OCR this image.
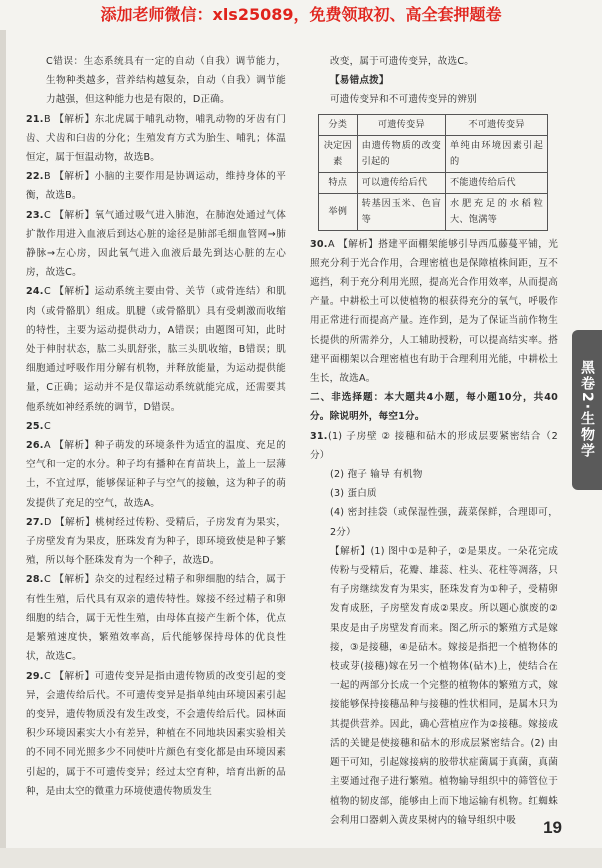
添加老师微信：xls25089，免费领取初、高全套押题卷

C错误：生态系统具有一定的自动（自我）调节能力，生物种类越多，营养结构越复杂，自动（自我）调节能力越强，但这种能力也是有限的，D正确。

21.B 【解析】东北虎属于哺乳动物，哺乳动物的牙齿有门齿、犬齿和臼齿的分化；生殖发育方式为胎生、哺乳；体温恒定，属于恒温动物，故选B。

22.B 【解析】小脑的主要作用是协调运动，维持身体的平衡，故选B。

23.C 【解析】氧气通过吸气进入肺泡，在肺泡处通过气体扩散作用进入血液后到达心脏的途径是肺部毛细血管网→肺静脉→左心房，因此氧气进入血液后最先到达心脏的左心房，故选C。

24.C 【解析】运动系统主要由骨、关节（或骨连结）和肌肉（或骨骼肌）组成。肌腱（或骨骼肌）具有受刺激而收缩的特性，主要为运动提供动力，A错误；由题图可知，此时处于伸肘状态，肱二头肌舒张，肱三头肌收缩，B错误；肌细胞通过呼吸作用分解有机物，并释放能量，为运动提供能量，C正确；运动并不是仅靠运动系统就能完成，还需要其他系统如神经系统的调节，D错误。

25.C

26.A 【解析】种子萌发的环境条件为适宜的温度、充足的空气和一定的水分。种子均有播种在育苗块上，盖上一层薄土，不宜过厚，能够保证种子与空气的接触，这为种子的萌发提供了充足的空气，故选A。

27.D 【解析】桃树经过传粉、受精后，子房发育为果实，子房壁发育为果皮，胚珠发育为种子，即环境致使是种子繁殖，所以每个胚珠发育为一个种子，故选D。

28.C 【解析】杂交的过程经过精子和卵细胞的结合，属于有性生殖，后代具有双亲的遗传特性。嫁接不经过精子和卵细胞的结合，属于无性生殖，由母体直接产生新个体，优点是繁殖速度快，繁殖效率高，后代能够保持母体的优良性状，故选C。

29.C 【解析】可遗传变异是指由遗传物质的改变引起的变异，会遗传给后代。不可遗传变异是指单纯由环境因素引起的变异，遗传物质没有发生改变，不会遗传给后代。园林面积少环境因素实大小有差异，种植在不同地块因素实验相关的不同不同光照多少不同使叶片颜色有变化都是由环境因素引起的，属于不可遗传变异；经过太空育种，培育出新的品种，是由太空的微重力环境使遗传物质发生

改变，属于可遗传变异，故选C。

【易错点拨】

可遗传变异和不可遗传变异的辨别

分类	可遗传变异	不可遗传变异
决定因素	由遗传物质的改变引起的	单纯由环境因素引起的
特点	可以遗传给后代	不能遗传给后代
举例	转基因玉米、色盲等	水肥充足的水稻粒大、饱满等

30.A 【解析】搭建平面棚架能够引导西瓜藤蔓平铺，光照充分利于光合作用，合理密植也是保障植株间距，互不遮挡，利于充分利用光照，提高光合作用效率，从而提高产量。中耕松土可以使植物的根获得充分的氧气，呼吸作用正常进行而提高产量。连作到，是为了保证当前作物生长提供的所需养分，人工辅助授粉，可以提高结实率。搭建平面棚架以合理密植也有助于合理利用光能，中耕松土生长，故选A。

二、非选择题：本大题共4小题，每小题10分，共40分。除说明外，每空1分。

31.(1) 子房壁 ② 接穗和砧木的形成层要紧密结合（2分）

(2) 孢子 输导 有机物

(3) 蛋白质

(4) 密封挂袋（或保湿性强，蔬菜保鲜，合理即可，2分）

【解析】(1) 图中①是种子，②是果皮。一朵花完成传粉与受精后，花瓣、雄蕊、柱头、花柱等凋落，只有子房继续发育为果实，胚珠发育为①种子，受精卵发育成胚，子房壁发育成②果皮。所以题心旗废的②果皮是由子房壁发育而来。图乙所示的繁殖方式是嫁接，③是接穗，④是砧木。嫁接是指把一个植物体的枝或芽(接穗)嫁在另一个植物体(砧木)上，使结合在一起的两部分长成一个完整的植物体的繁殖方式，嫁接能够保持接穗品种与接穗的性状相同，是属木只为其提供营养。因此，确心营植应作为②接穗。嫁接成活的关键是使接穗和砧木的形成层紧密结合。(2) 由题干可知，引起嫁接病的胶带状症菌属于真菌，真菌主要通过孢子进行繁殖。植物输导组织中的筛管位于植物的韧皮部，能够由上而下地运输有机物。红蜘蛛会利用口器刺入黄皮果树内的输导组织中吸

黑卷2·生物学
19
